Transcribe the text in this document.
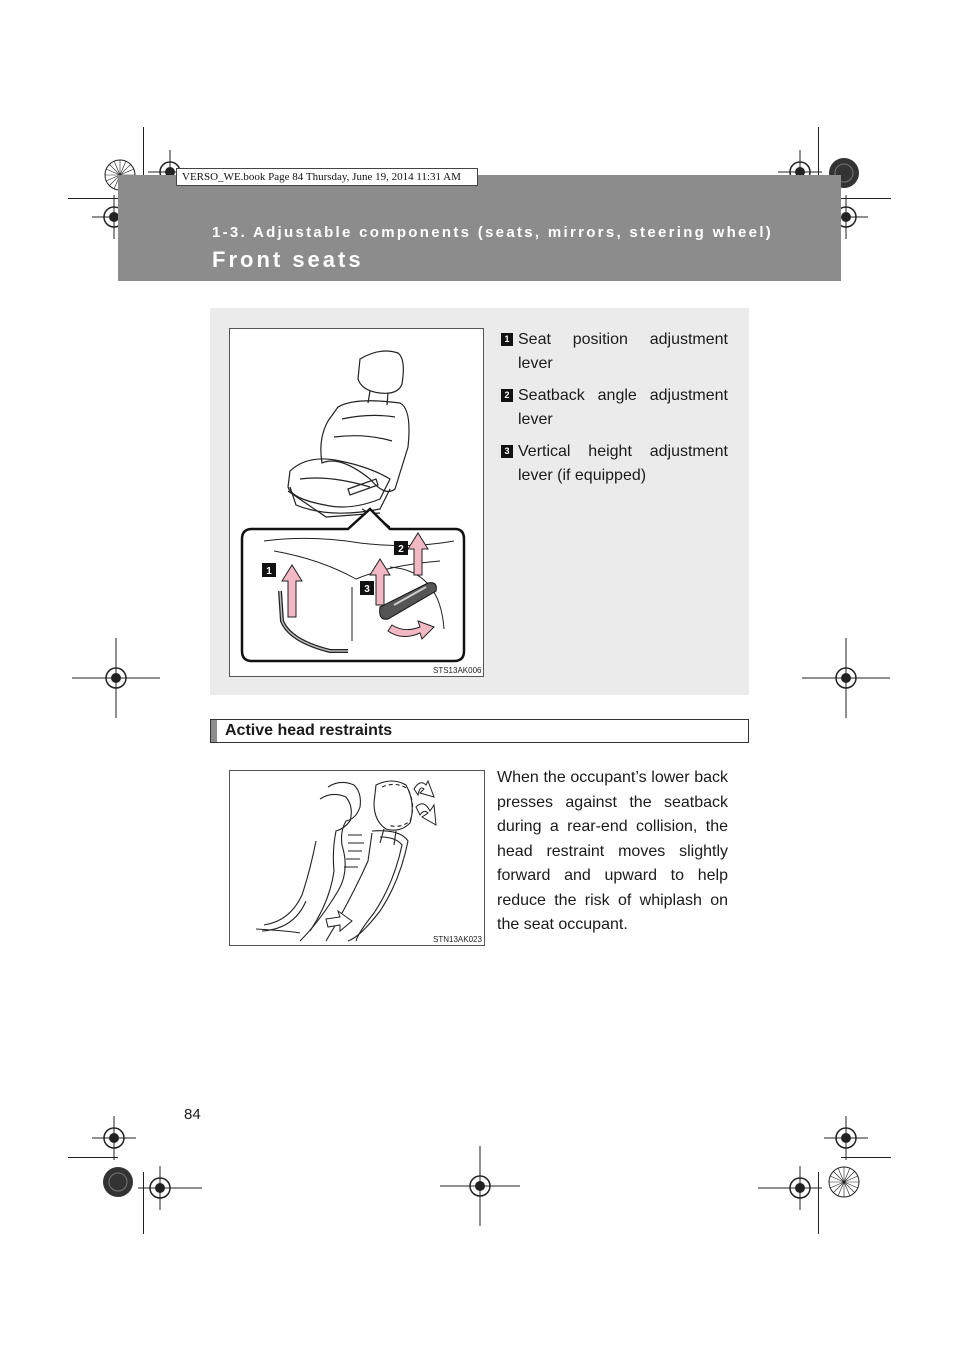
VERSO_WE.book Page 84 Thursday, June 19, 2014 11:31 AM
1-3. Adjustable components (seats, mirrors, steering wheel)
Front seats
1
3
2
STS13AK006
1 Seat position adjustment lever
2 Seatback angle adjustment lever
3 Vertical height adjustment lever (if equipped)
Active head restraints
STN13AK023
When the occupant’s lower back presses against the seatback during a rear-end collision, the head restraint moves slightly forward and upward to help reduce the risk of whiplash on the seat occupant.
84
